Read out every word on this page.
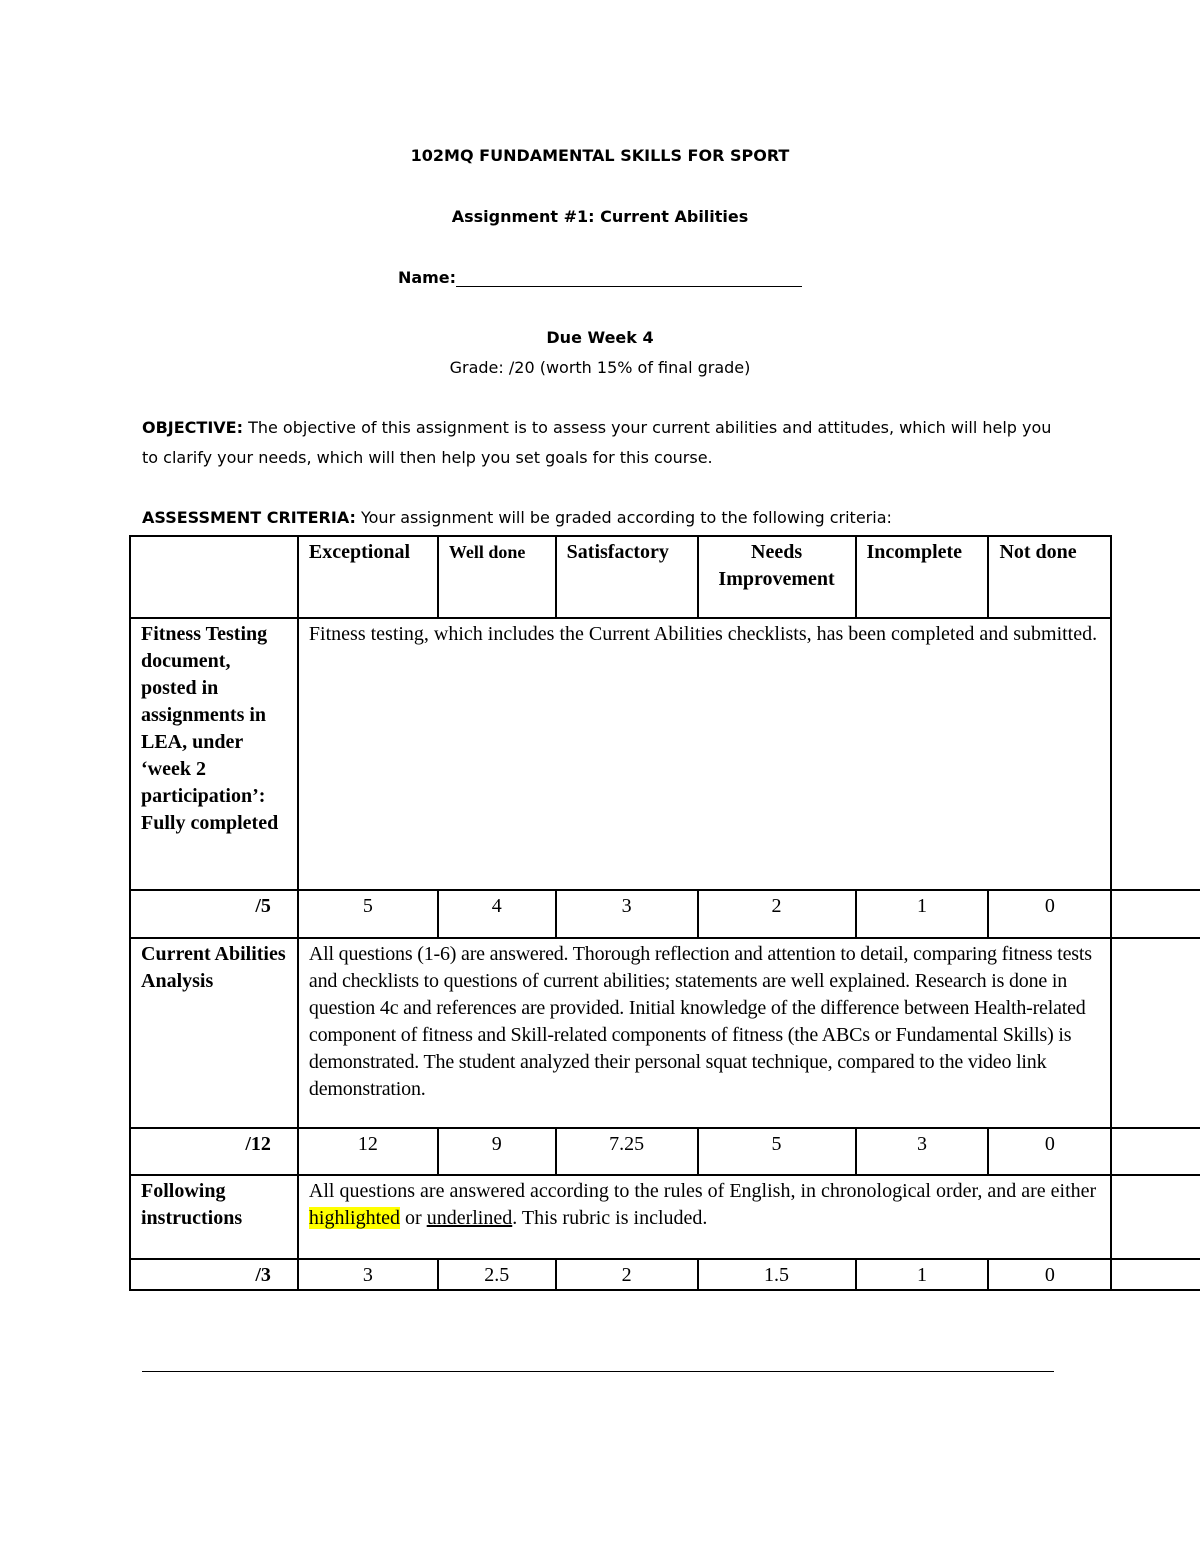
102MQ FUNDAMENTAL SKILLS FOR SPORT
Assignment #1: Current Abilities
Name:
Due Week 4
Grade: /20 (worth 15% of final grade)
OBJECTIVE: The objective of this assignment is to assess your current abilities and attitudes, which will help you to clarify your needs, which will then help you set goals for this course.
ASSESSMENT CRITERIA: Your assignment will be graded according to the following criteria:
	Exceptional	Well done	Satisfactory	Needs Improvement	Incomplete	Not done	
Fitness Testing document, posted in assignments in LEA, under ‘week 2 participation’: Fully completed	Fitness testing, which includes the Current Abilities checklists, has been completed and submitted.						
/5	5	4	3	2	1	0	
Current Abilities Analysis	All questions (1-6) are answered. Thorough reflection and attention to detail, comparing fitness tests and checklists to questions of current abilities; statements are well explained. Research is done in question 4c and references are provided. Initial knowledge of the difference between Health-related component of fitness and Skill-related components of fitness (the ABCs or Fundamental Skills) is demonstrated. The student analyzed their personal squat technique, compared to the video link demonstration.						
/12	12	9	7.25	5	3	0	
Following instructions	All questions are answered according to the rules of English, in chronological order, and are either highlighted or underlined. This rubric is included.						
/3	3	2.5	2	1.5	1	0	
